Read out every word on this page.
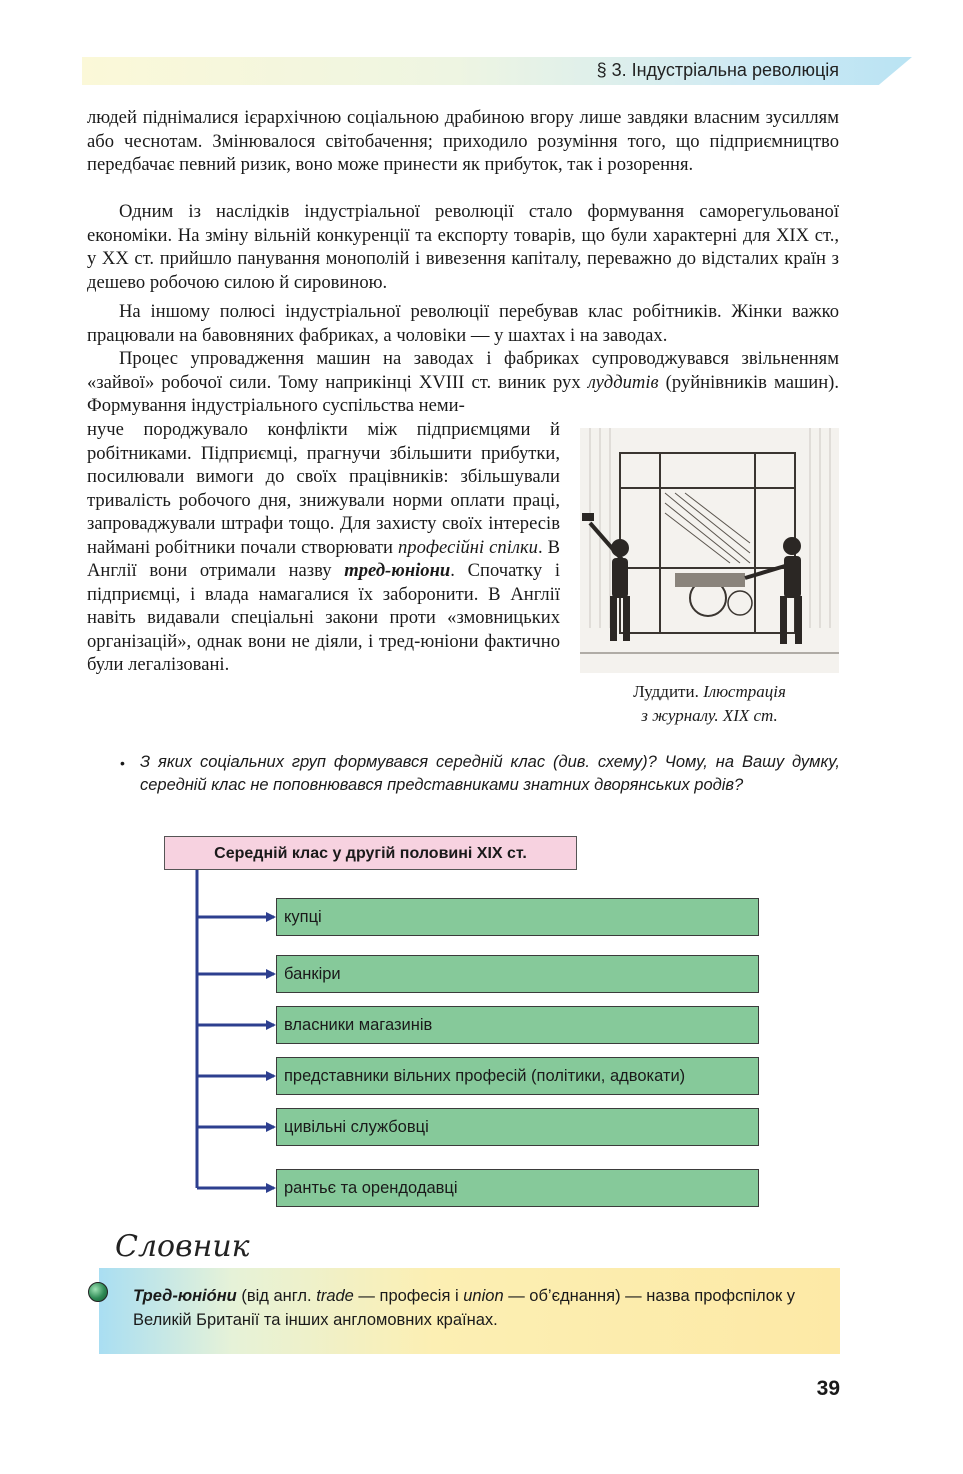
§ 3. Індустріальна революція

людей піднімалися ієрархічною соціальною драбиною вгору лише завдяки власним зусиллям або чеснотам. Змінювалося світобачення; приходило розуміння того, що підприємництво передбачає певний ризик, воно може принести як прибуток, так і розорення.

Одним із наслідків індустріальної революції стало формування саморегульованої економіки. На зміну вільній конкуренції та експорту товарів, що були характерні для XIX ст., у XX ст. прийшло панування монополій і вивезення капіталу, переважно до відсталих країн з дешево робочою силою й сировиною.

На іншому полюсі індустріальної революції перебував клас робітників. Жінки важко працювали на бавовняних фабриках, а чоловіки — у шахтах і на заводах.

Процес упровадження машин на заводах і фабриках супроводжувався звільненням «зайвої» робочої сили. Тому наприкінці XVIII ст. виник рух луддитів (руйнівників машин). Формування індустріального суспільства неми-

нуче породжувало конфлікти між підприємцями й робітниками. Підприємці, прагнучи збільшити прибутки, посилювали вимоги до своїх працівників: збільшували тривалість робочого дня, знижували норми оплати праці, запроваджували штрафи тощо. Для захисту своїх інтересів наймані робітники почали створювати професійні спілки. В Англії вони отримали назву тред-юніони. Спочатку і підприємці, і влада намагалися їх заборонити. В Англії навіть видавали спеціальні закони проти «змовницьких організацій», однак вони не діяли, і тред-юніони фактично були легалізовані.

Луддити. Ілюстрація
з журналу. XIX ст.
• З яких соціальних груп формувався середній клас (див. схему)? Чому, на Вашу думку, середній клас не поповнювався представниками знатних дворянських родів?

Середній клас у другій половині XIX ст.
купці
банкіри
власники магазинів
представники вільних професій (політики, адвокати)
цивільні службовці
рантьє та орендодавці
Словник

Тред-юніóни (від англ. trade — професія і union — об’єднання) — назва профспілок у Великій Британії та інших англомовних країнах.

39
